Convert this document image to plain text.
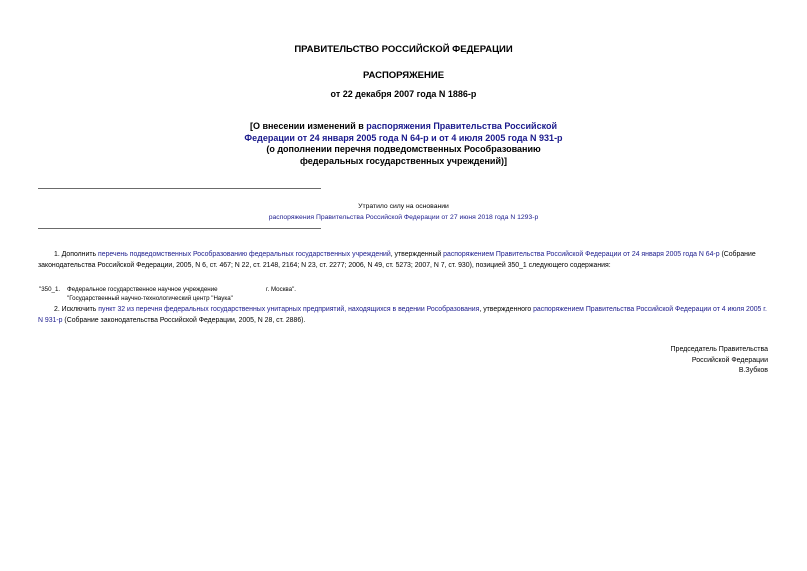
ПРАВИТЕЛЬСТВО РОССИЙСКОЙ ФЕДЕРАЦИИ
РАСПОРЯЖЕНИЕ
от 22 декабря 2007 года N 1886-р
[О внесении изменений в распоряжения Правительства Российской Федерации от 24 января 2005 года N 64-р и от 4 июля 2005 года N 931-р (о дополнении перечня подведомственных Рособразованию федеральных государственных учреждений)]
Утратило силу на основании
распоряжения Правительства Российской Федерации от 27 июня 2018 года N 1293-р
1. Дополнить перечень подведомственных Рособразованию федеральных государственных учреждений, утвержденный распоряжением Правительства Российской Федерации от 24 января 2005 года N 64-р (Собрание законодательства Российской Федерации, 2005, N 6, ст. 467; N 22, ст. 2148, 2164; N 23, ст. 2277; 2006, N 49, ст. 5273; 2007, N 7, ст. 930), позицией 350_1 следующего содержания:
"350_1. Федеральное государственное научное учреждение	г. Москва".
"Государственный научно-технологический центр "Наука"
2. Исключить пункт 32 из перечня федеральных государственных унитарных предприятий, находящихся в ведении Рособразования, утвержденного распоряжением Правительства Российской Федерации от 4 июля 2005 г. N 931-р (Собрание законодательства Российской Федерации, 2005, N 28, ст. 2886).
Председатель Правительства
Российской Федерации
В.Зубков
